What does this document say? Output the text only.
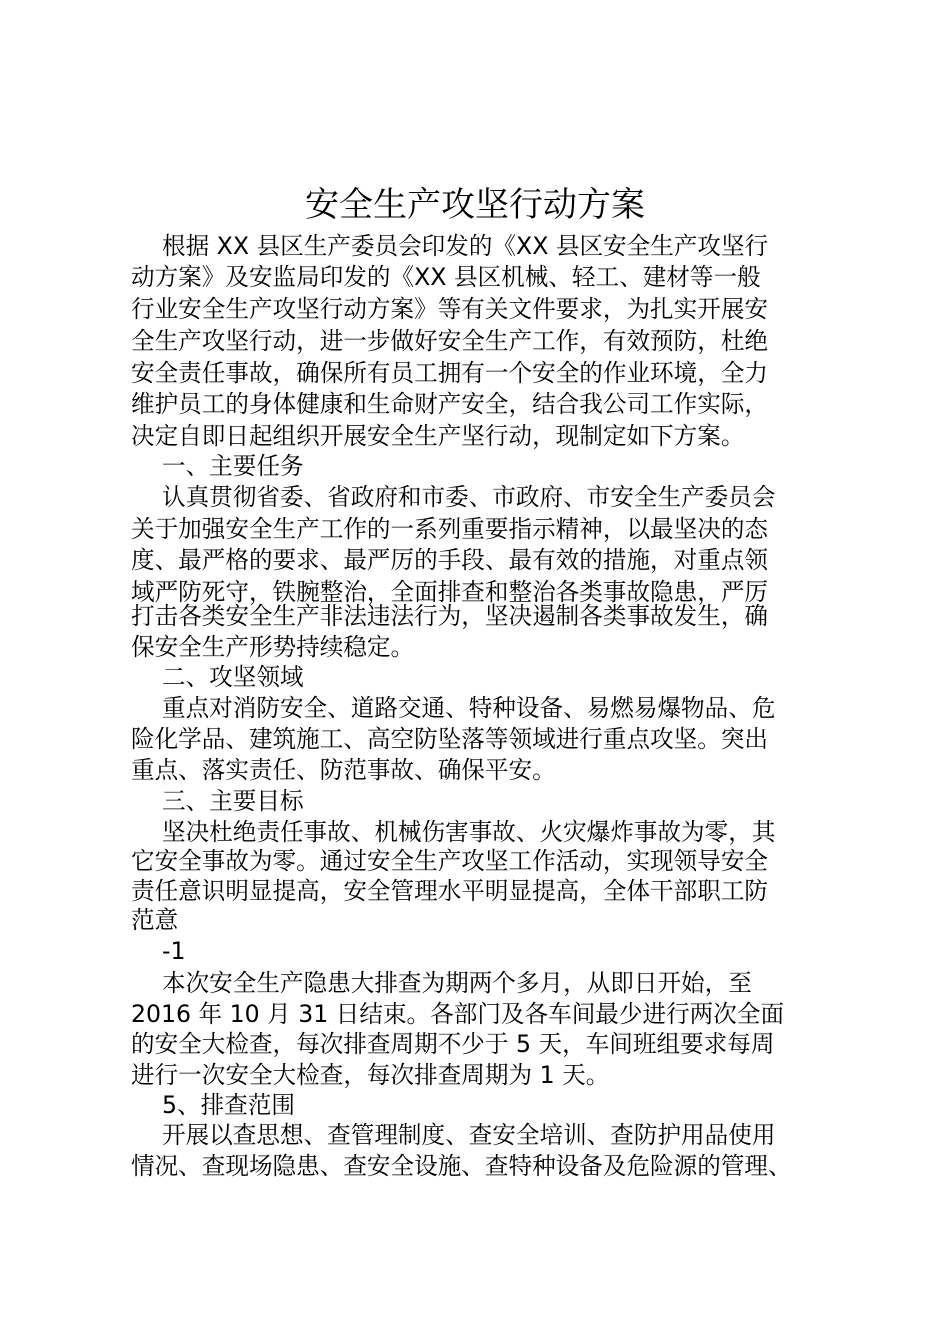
安全生产攻坚行动方案

根据 XX 县区生产委员会印发的《XX 县区安全生产攻坚行

动方案》及安监局印发的《XX 县区机械、轻工、建材等一般

行业安全生产攻坚行动方案》等有关文件要求，为扎实开展安

全生产攻坚行动，进一步做好安全生产工作，有效预防，杜绝

安全责任事故，确保所有员工拥有一个安全的作业环境，全力

维护员工的身体健康和生命财产安全，结合我公司工作实际，

决定自即日起组织开展安全生产坚行动，现制定如下方案。

一、主要任务

认真贯彻省委、省政府和市委、市政府、市安全生产委员会

关于加强安全生产工作的一系列重要指示精神，以最坚决的态

度、最严格的要求、最严厉的手段、最有效的措施，对重点领

域严防死守，铁腕整治，全面排查和整治各类事故隐患，严厉

打击各类安全生产非法违法行为，坚决遏制各类事故发生，确

保安全生产形势持续稳定。

二、攻坚领域

重点对消防安全、道路交通、特种设备、易燃易爆物品、危

险化学品、建筑施工、高空防坠落等领域进行重点攻坚。突出

重点、落实责任、防范事故、确保平安。

三、主要目标

坚决杜绝责任事故、机械伤害事故、火灾爆炸事故为零，其

它安全事故为零。通过安全生产攻坚工作活动，实现领导安全

责任意识明显提高，安全管理水平明显提高，全体干部职工防

范意

-1

本次安全生产隐患大排查为期两个多月，从即日开始，至

2016 年 10 月 31 日结束。各部门及各车间最少进行两次全面

的安全大检查，每次排查周期不少于 5 天，车间班组要求每周

进行一次安全大检查，每次排查周期为 1 天。

5、排查范围

开展以查思想、查管理制度、查安全培训、查防护用品使用

情况、查现场隐患、查安全设施、查特种设备及危险源的管理、
